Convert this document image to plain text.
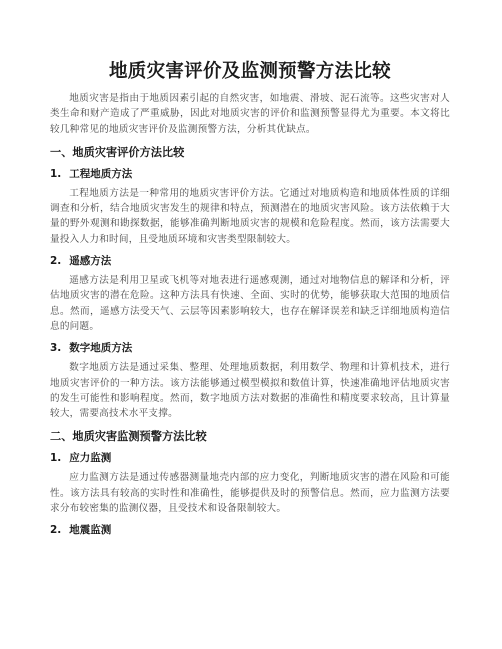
地质灾害评价及监测预警方法比较

地质灾害是指由于地质因素引起的自然灾害，如地震、滑坡、泥石流等。这些灾害对人类生命和财产造成了严重威胁，因此对地质灾害的评价和监测预警显得尤为重要。本文将比较几种常见的地质灾害评价及监测预警方法，分析其优缺点。

一、地质灾害评价方法比较
1. 工程地质方法

工程地质方法是一种常用的地质灾害评价方法。它通过对地质构造和地质体性质的详细调查和分析，结合地质灾害发生的规律和特点，预测潜在的地质灾害风险。该方法依赖于大量的野外观测和勘探数据，能够准确判断地质灾害的规模和危险程度。然而，该方法需要大量投入人力和时间，且受地质环境和灾害类型限制较大。

2. 遥感方法

遥感方法是利用卫星或飞机等对地表进行遥感观测，通过对地物信息的解译和分析，评估地质灾害的潜在危险。这种方法具有快速、全面、实时的优势，能够获取大范围的地质信息。然而，遥感方法受天气、云层等因素影响较大，也存在解译误差和缺乏详细地质构造信息的问题。

3. 数字地质方法

数字地质方法是通过采集、整理、处理地质数据，利用数学、物理和计算机技术，进行地质灾害评价的一种方法。该方法能够通过模型模拟和数值计算，快速准确地评估地质灾害的发生可能性和影响程度。然而，数字地质方法对数据的准确性和精度要求较高，且计算量较大，需要高技术水平支撑。

二、地质灾害监测预警方法比较
1. 应力监测

应力监测方法是通过传感器测量地壳内部的应力变化，判断地质灾害的潜在风险和可能性。该方法具有较高的实时性和准确性，能够提供及时的预警信息。然而，应力监测方法要求分布较密集的监测仪器，且受技术和设备限制较大。

2. 地震监测
